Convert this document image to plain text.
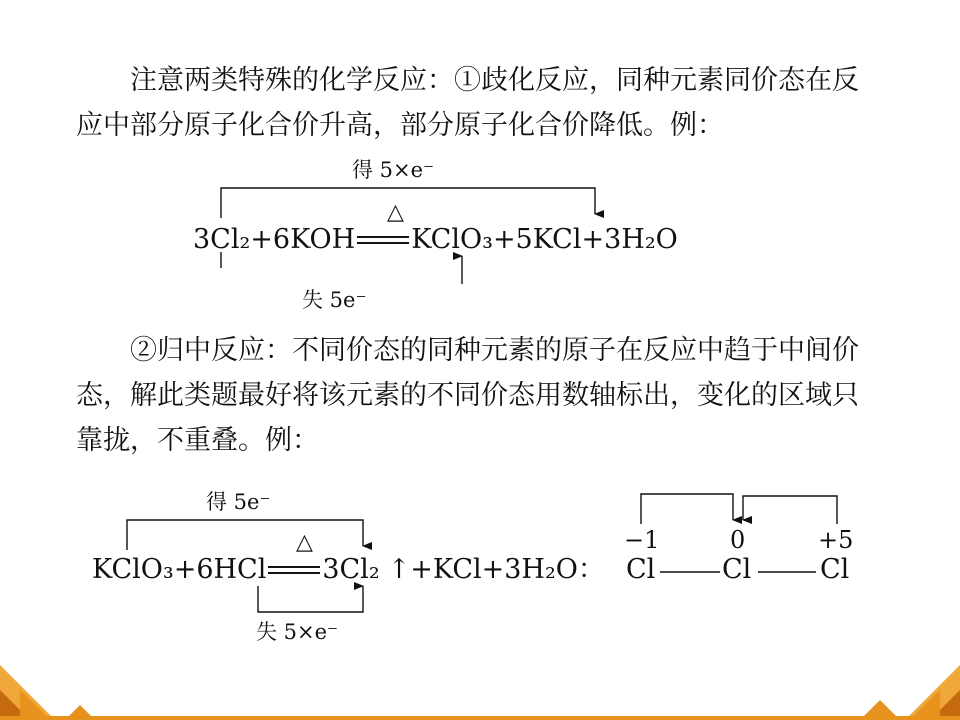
注意两类特殊的化学反应：①歧化反应，同种元素同价态在反应中部分原子化合价升高，部分原子化合价降低。例：

得 5×e⁻
失 5e⁻
3Cl₂+6KOH KClO₃+5KCl+3H₂O
△

②归中反应：不同价态的同种元素的原子在反应中趋于中间价态，解此类题最好将该元素的不同价态用数轴标出，变化的区域只靠拢，不重叠。例：

得 5e⁻
失 5×e⁻
KClO₃+6HCl 3Cl₂ ↑+KCl+3H₂O：
△	−1	0	+5
Cl Cl	Cl
